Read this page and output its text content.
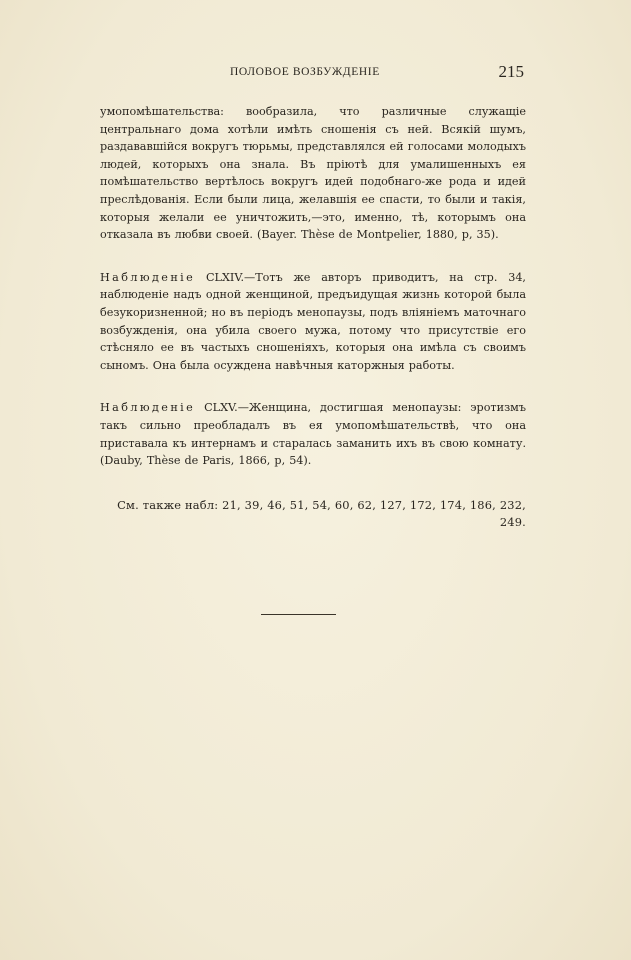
ПОЛОВОЕ ВОЗБУЖДЕНІЕ	215

умопомѣшательства: вообразила, что различные служащіе центральнаго дома хотѣли имѣть сношенія съ ней. Всякій шумъ, раздававшійся вокругъ тюрьмы, представлялся ей голосами молодыхъ людей, которыхъ она знала. Въ пріютѣ для умалишенныхъ ея помѣшательство вертѣлось вокругъ идей подобнаго-же рода и идей преслѣдованія. Если были лица, желавшія ее спасти, то были и такія, которыя желали ее уничтожить,—это, именно, тѣ, которымъ она отказала въ любви своей. (Bayer. Thèse de Montpelier, 1880, p, 35).

Наблюденіе CLXIV.—Тотъ же авторъ приводитъ, на стр. 34, наблюденіе надъ одной женщиной, предъидущая жизнь которой была безукоризненной; но въ періодъ менопаузы, подъ вліяніемъ маточнаго возбужденія, она убила своего мужа, потому что присутствіе его стѣсняло ее въ частыхъ сношеніяхъ, которыя она имѣла съ своимъ сыномъ. Она была осуждена навѣчныя каторжныя работы.

Наблюденіе CLXV.—Женщина, достигшая менопаузы: эротизмъ такъ сильно преобладалъ въ ея умопомѣшательствѣ, что она приставала къ интернамъ и старалась заманить ихъ въ свою комнату. (Dauby, Thèse de Paris, 1866, p, 54).

См. также набл: 21, 39, 46, 51, 54, 60, 62, 127, 172, 174, 186, 232, 249.
